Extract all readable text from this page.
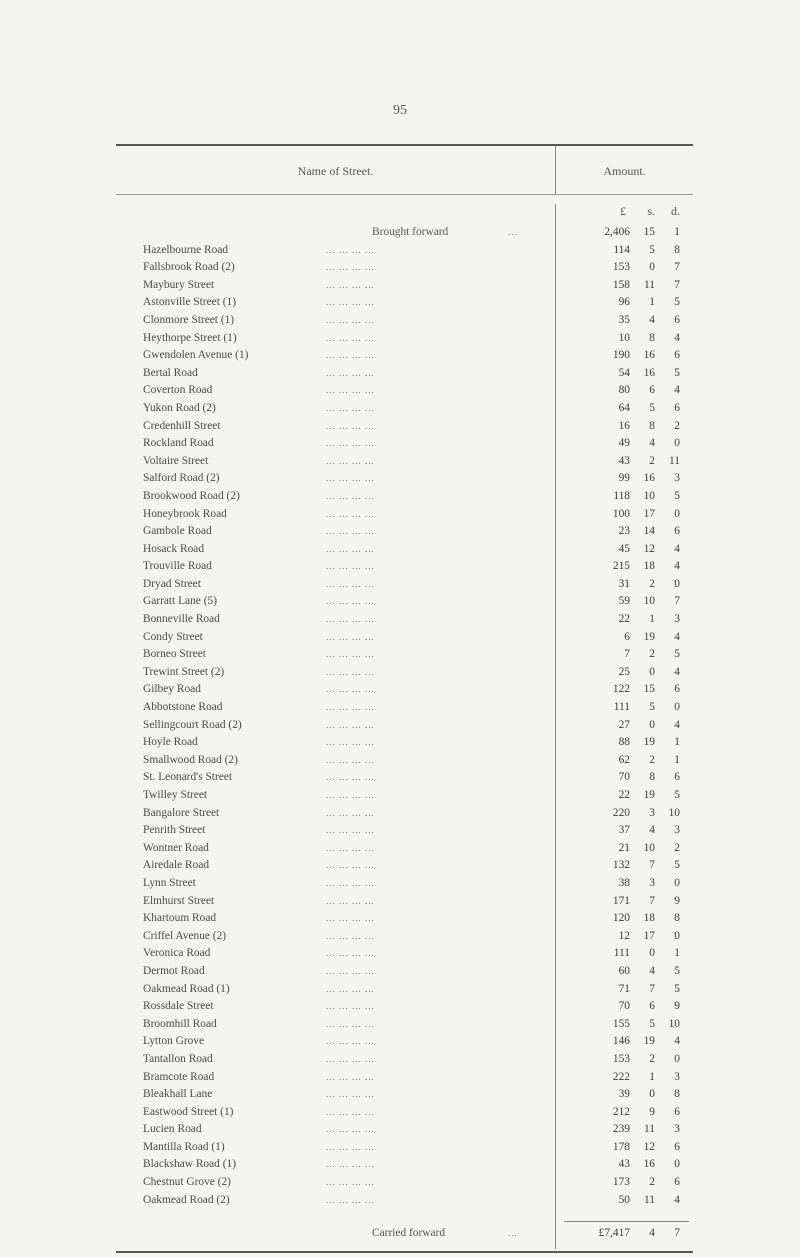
95
Name of Street.	Amount.
£ s. d.
Brought forward	...	2,406 15 1
Hazelbourne Road	... ... ... ...	114 5 8
Fallsbrook Road (2)	... ... ... ...	153 0 7
Maybury Street	... ... ... ...	158 11 7
Astonville Street (1)	... ... ... ...	96 1 5
Clonmore Street (1)	... ... ... ...	35 4 6
Heythorpe Street (1)	... ... ... ...	10 8 4
Gwendolen Avenue (1)	... ... ... ...	190 16 6
Bertal Road	... ... ... ...	54 16 5
Coverton Road	... ... ... ...	80 6 4
Yukon Road (2)	... ... ... ...	64 5 6
Credenhill Street	... ... ... ...	16 8 2
Rockland Road	... ... ... ...	49 4 0
Voltaire Street	... ... ... ...	43 2 11
Salford Road (2)	... ... ... ...	99 16 3
Brookwood Road (2)	... ... ... ...	118 10 5
Honeybrook Road	... ... ... ...	100 17 0
Gambole Road	... ... ... ...	23 14 6
Hosack Road	... ... ... ...	45 12 4
Trouville Road	... ... ... ...	215 18 4
Dryad Street	... ... ... ...	31 2 0
Garratt Lane (5)	... ... ... ...	59 10 7
Bonneville Road	... ... ... ...	22 1 3
Condy Street	... ... ... ...	6 19 4
Borneo Street	... ... ... ...	7 2 5
Trewint Street (2)	... ... ... ...	25 0 4
Gilbey Road	... ... ... ...	122 15 6
Abbotstone Road	... ... ... ...	111 5 0
Sellingcourt Road (2)	... ... ... ...	27 0 4
Hoyle Road	... ... ... ...	88 19 1
Smallwood Road (2)	... ... ... ...	62 2 1
St. Leonard's Street	... ... ... ...	70 8 6
Twilley Street	... ... ... ...	22 19 5
Bangalore Street	... ... ... ...	220 3 10
Penrith Street	... ... ... ...	37 4 3
Wontner Road	... ... ... ...	21 10 2
Airedale Road	... ... ... ...	132 7 5
Lynn Street	... ... ... ...	38 3 0
Elmhurst Street	... ... ... ...	171 7 9
Khartoum Road	... ... ... ...	120 18 8
Criffel Avenue (2)	... ... ... ...	12 17 0
Veronica Road	... ... ... ...	111 0 1
Dermot Road	... ... ... ...	60 4 5
Oakmead Road (1)	... ... ... ...	71 7 5
Rossdale Street	... ... ... ...	70 6 9
Broomhill Road	... ... ... ...	155 5 10
Lytton Grove	... ... ... ...	146 19 4
Tantallon Road	... ... ... ...	153 2 0
Bramcote Road	... ... ... ...	222 1 3
Bleakhall Lane	... ... ... ...	39 0 8
Eastwood Street (1)	... ... ... ...	212 9 6
Lucien Road	... ... ... ...	239 11 3
Mantilla Road (1)	... ... ... ...	178 12 6
Blackshaw Road (1)	... ... ... ...	43 16 0
Chestnut Grove (2)	... ... ... ...	173 2 6
Oakmead Road (2)	... ... ... ...	50 11 4
Carried forward	...	£7,417 4 7
